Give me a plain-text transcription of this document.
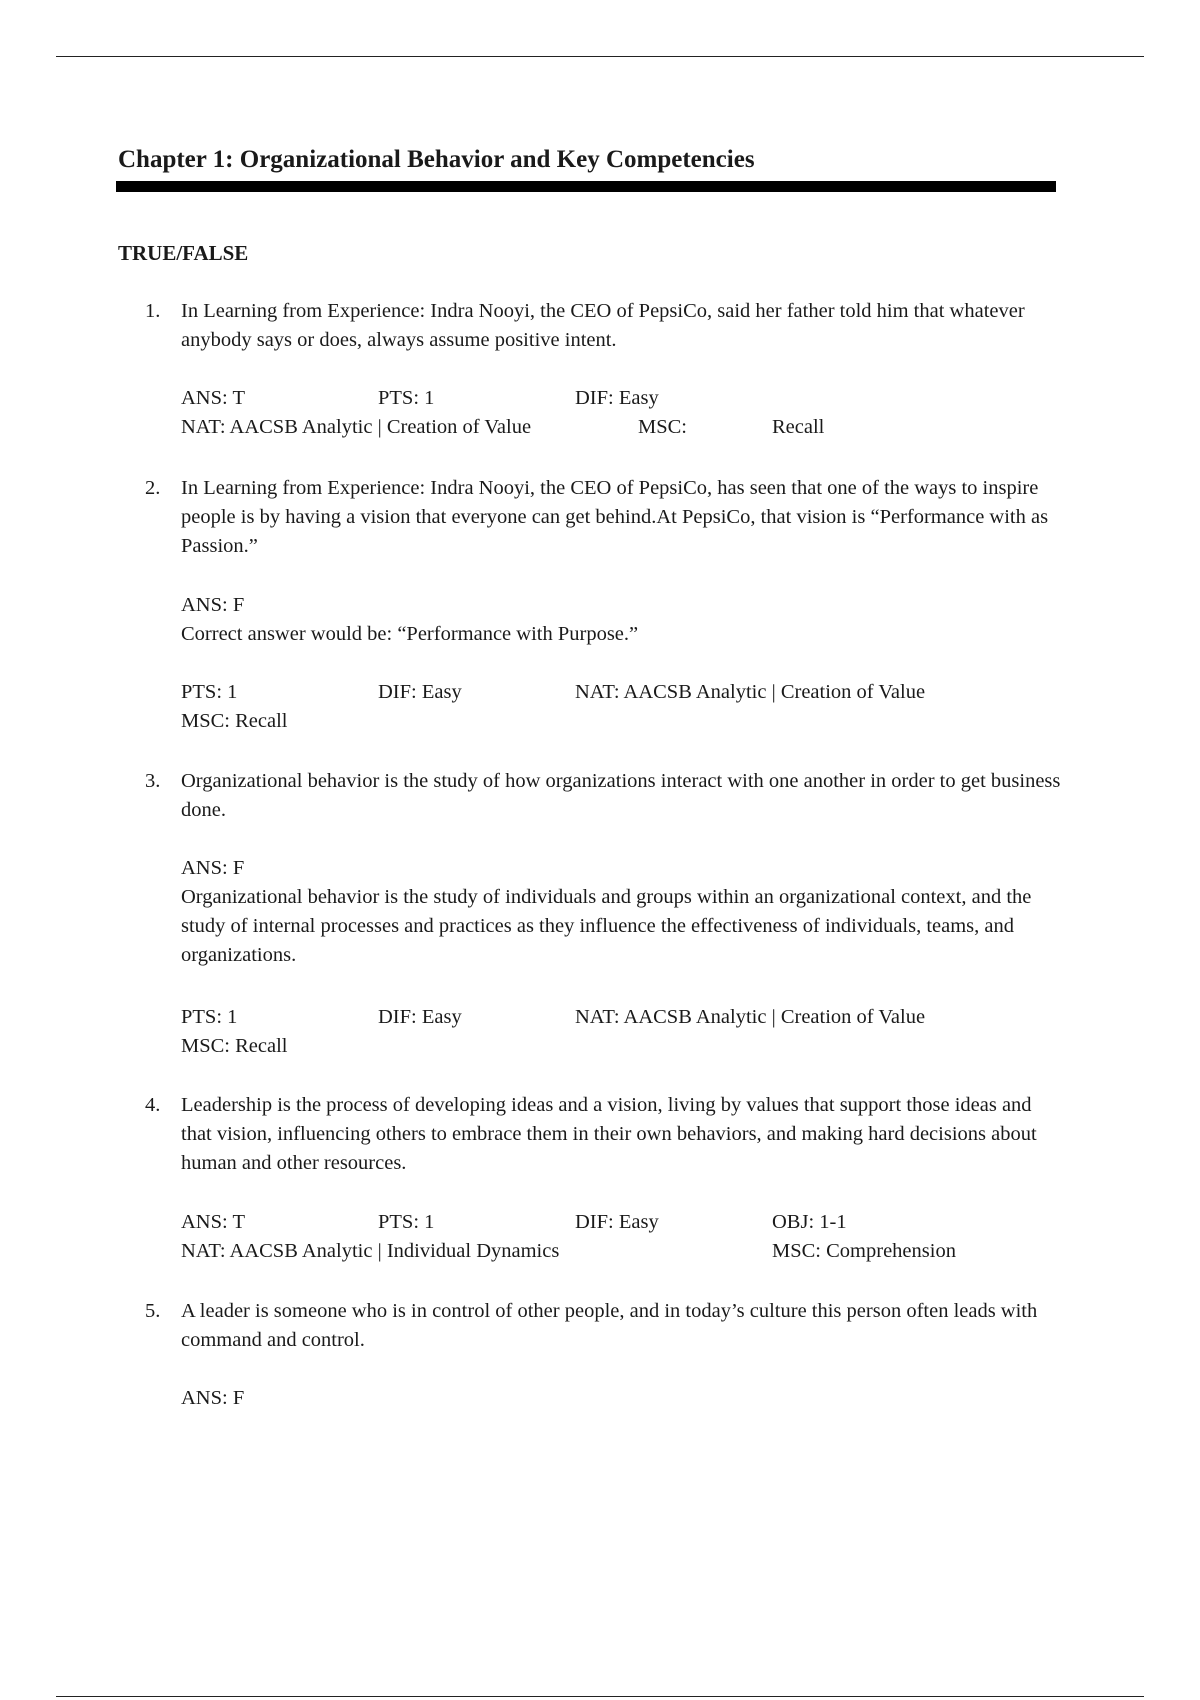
Chapter 1: Organizational Behavior and Key Competencies
TRUE/FALSE
1. In Learning from Experience: Indra Nooyi, the CEO of PepsiCo, said her father told him that whatever anybody says or does, always assume positive intent.
ANS: T	PTS: 1	DIF: Easy
NAT: AACSB Analytic | Creation of Value	MSC:	Recall
2. In Learning from Experience: Indra Nooyi, the CEO of PepsiCo, has seen that one of the ways to inspire people is by having a vision that everyone can get behind.At PepsiCo, that vision is “Performance with as Passion.”
ANS: F
Correct answer would be: “Performance with Purpose.”
PTS: 1	DIF: Easy	NAT: AACSB Analytic | Creation of Value
MSC: Recall
3. Organizational behavior is the study of how organizations interact with one another in order to get business done.
ANS: F
Organizational behavior is the study of individuals and groups within an organizational context, and the study of internal processes and practices as they influence the effectiveness of individuals, teams, and organizations.
PTS: 1	DIF: Easy	NAT: AACSB Analytic | Creation of Value
MSC: Recall
4. Leadership is the process of developing ideas and a vision, living by values that support those ideas and that vision, influencing others to embrace them in their own behaviors, and making hard decisions about human and other resources.
ANS: T	PTS: 1	DIF: Easy	OBJ: 1-1
NAT: AACSB Analytic | Individual Dynamics	MSC: Comprehension
5. A leader is someone who is in control of other people, and in today’s culture this person often leads with command and control.
ANS: F
